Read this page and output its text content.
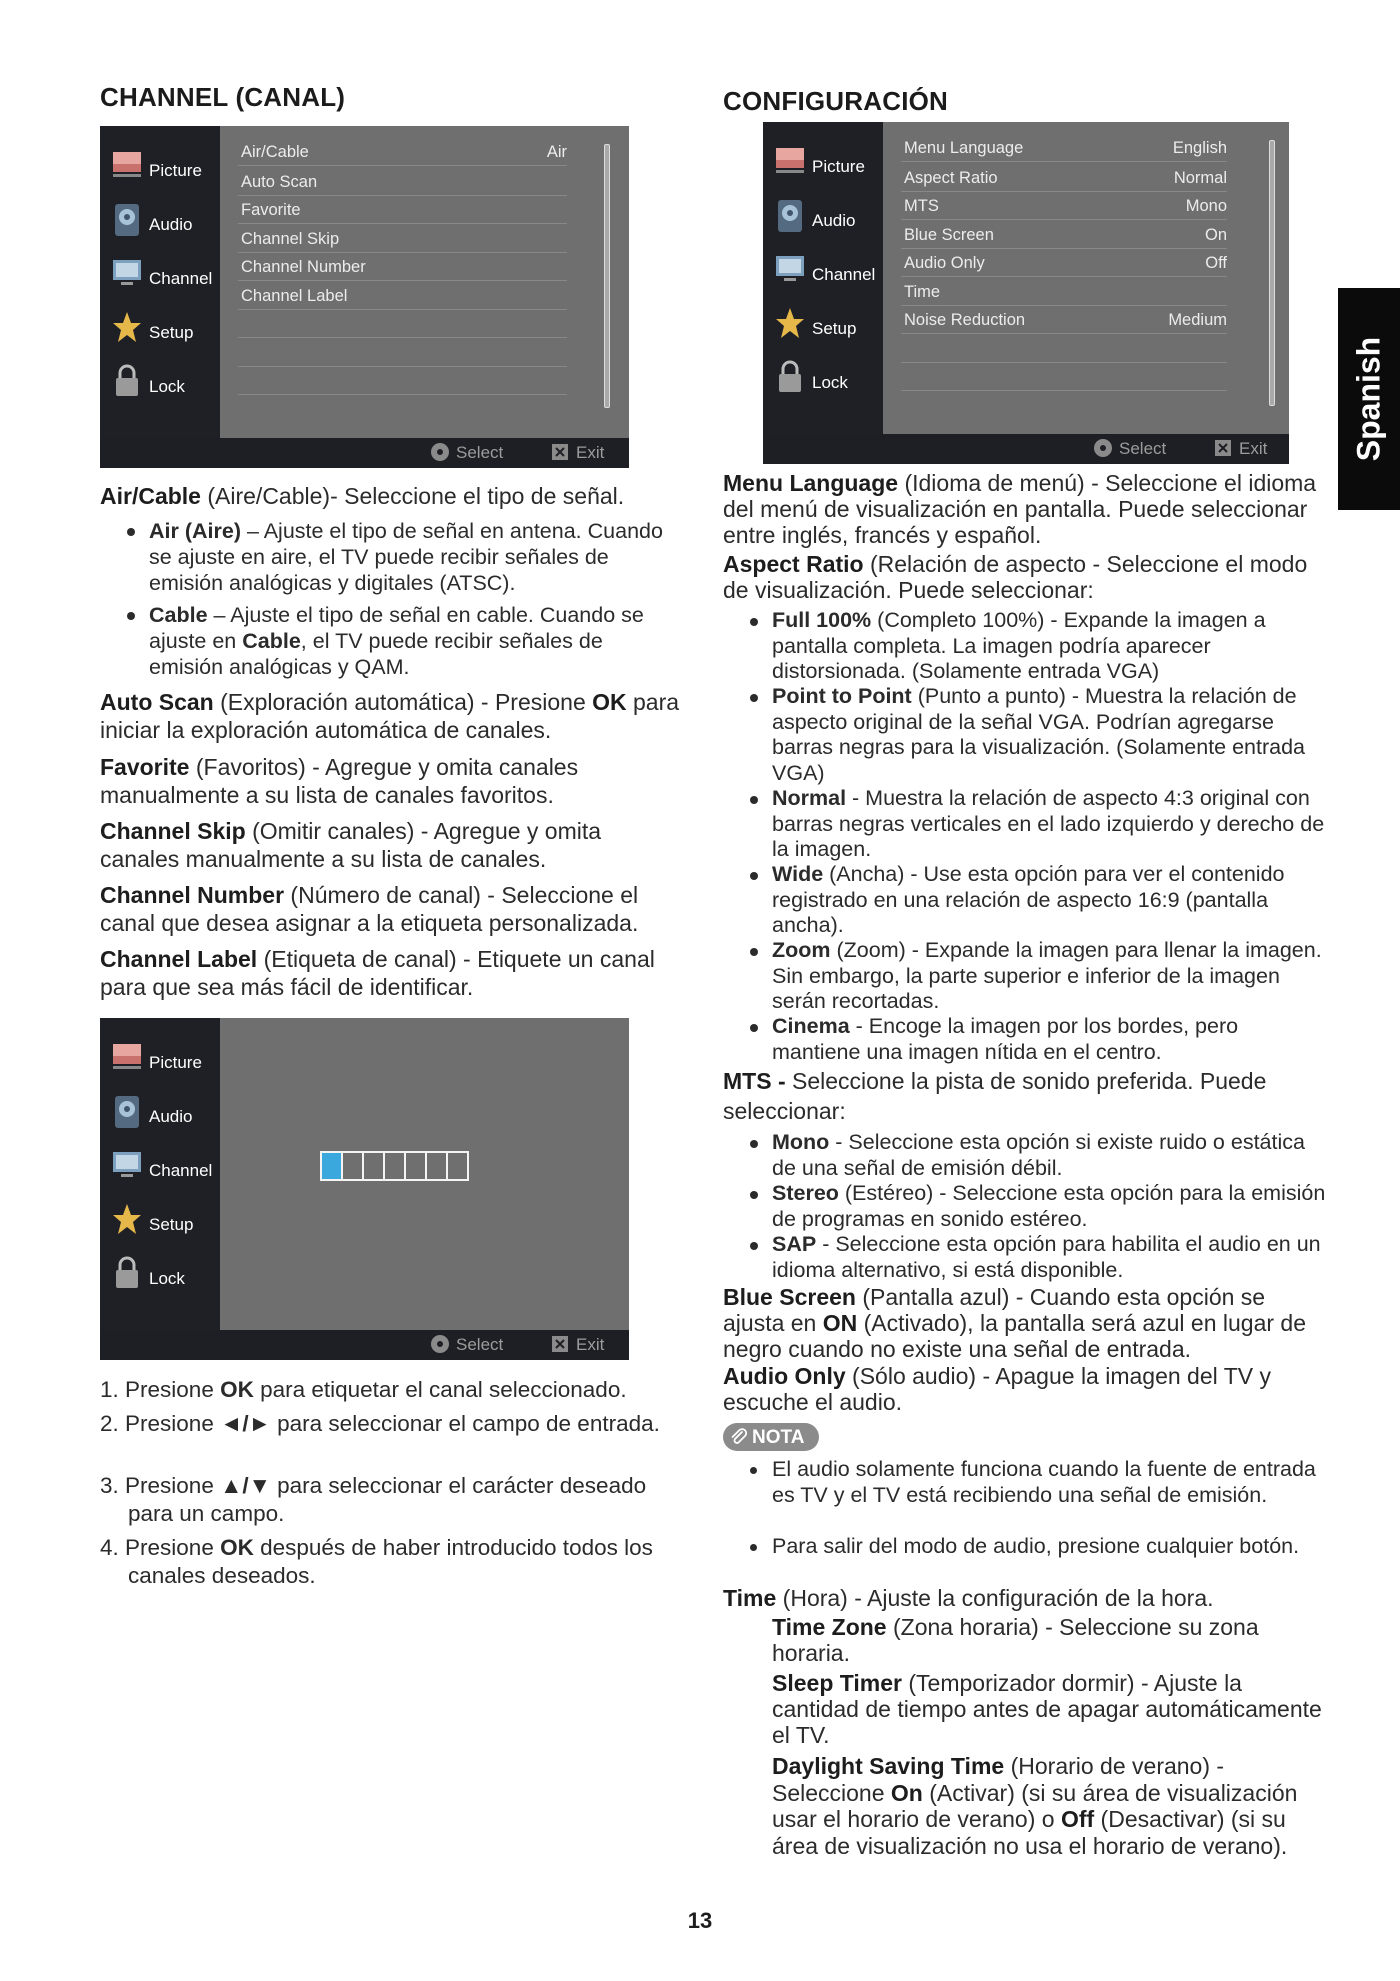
CHANNEL (CANAL)
Picture
Audio
Channel
Setup
Lock
Air/Cable	Air
Auto Scan
Favorite
Channel Skip
Channel Number
Channel Label
Select	Exit
Air/Cable (Aire/Cable)- Seleccione el tipo de señal.
Air (Aire) – Ajuste el tipo de señal en antena. Cuando se ajuste en aire, el TV puede recibir señales de emisión analógicas y digitales (ATSC).
Cable – Ajuste el tipo de señal en cable. Cuando se ajuste en Cable, el TV puede recibir señales de emisión analógicas y QAM.
Auto Scan (Exploración automática) - Presione OK para iniciar la exploración automática de canales.
Favorite (Favoritos) - Agregue y omita canales manualmente a su lista de canales favoritos.
Channel Skip (Omitir canales) - Agregue y omita canales manualmente a su lista de canales.
Channel Number (Número de canal) - Seleccione el canal que desea asignar a la etiqueta personalizada.
Channel Label (Etiqueta de canal) - Etiquete un canal para que sea más fácil de identificar.
Picture
Audio
Channel
Setup
Lock
Select	Exit
1. Presione OK para etiquetar el canal seleccionado.
2. Presione ◄/► para seleccionar el campo de entrada.
3. Presione ▲/▼ para seleccionar el carácter deseado para un campo.
4. Presione OK después de haber introducido todos los canales deseados.
CONFIGURACIÓN
Picture
Audio
Channel
Setup
Lock
Menu Language	English
Aspect Ratio	Normal
MTS	Mono
Blue Screen	On
Audio Only	Off
Time
Noise Reduction	Medium
Select	Exit
Menu Language (Idioma de menú) - Seleccione el idioma del menú de visualización en pantalla. Puede seleccionar entre inglés, francés y español.
Aspect Ratio (Relación de aspecto - Seleccione el modo de visualización. Puede seleccionar:
Full 100% (Completo 100%) - Expande la imagen a pantalla completa. La imagen podría aparecer distorsionada. (Solamente entrada VGA)
Point to Point (Punto a punto) - Muestra la relación de aspecto original de la señal VGA. Podrían agregarse barras negras para la visualización. (Solamente entrada VGA)
Normal - Muestra la relación de aspecto 4:3 original con barras negras verticales en el lado izquierdo y derecho de la imagen.
Wide (Ancha) - Use esta opción para ver el contenido registrado en una relación de aspecto 16:9 (pantalla ancha).
Zoom (Zoom) - Expande la imagen para llenar la imagen. Sin embargo, la parte superior e inferior de la imagen serán recortadas.
Cinema - Encoge la imagen por los bordes, pero mantiene una imagen nítida en el centro.
MTS - Seleccione la pista de sonido preferida. Puede seleccionar:
Mono - Seleccione esta opción si existe ruido o estática de una señal de emisión débil.
Stereo (Estéreo) - Seleccione esta opción para la emisión de programas en sonido estéreo.
SAP - Seleccione esta opción para habilita el audio en un idioma alternativo, si está disponible.
Blue Screen (Pantalla azul) - Cuando esta opción se ajusta en ON (Activado), la pantalla será azul en lugar de negro cuando no existe una señal de entrada.
Audio Only (Sólo audio) - Apague la imagen del TV y escuche el audio.
NOTA
El audio solamente funciona cuando la fuente de entrada es TV y el TV está recibiendo una señal de emisión.
Para salir del modo de audio, presione cualquier botón.
Time (Hora) - Ajuste la configuración de la hora.
Time Zone (Zona horaria) - Seleccione su zona horaria.
Sleep Timer (Temporizador dormir) - Ajuste la cantidad de tiempo antes de apagar automáticamente el TV.
Daylight Saving Time (Horario de verano) - Seleccione On (Activar) (si su área de visualización usar el horario de verano) o Off (Desactivar) (si su área de visualización no usa el horario de verano).
Spanish
13
